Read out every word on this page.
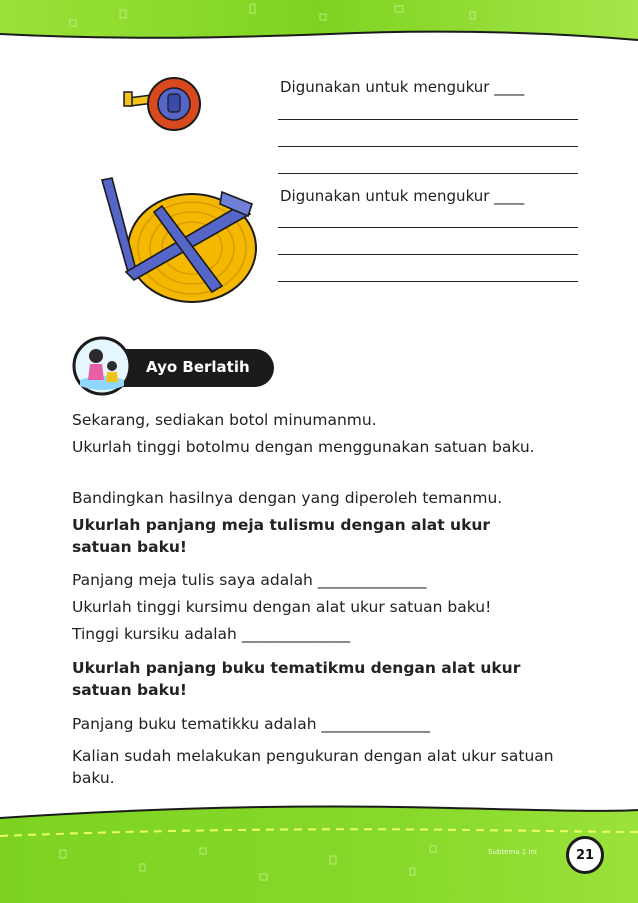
Digunakan untuk mengukur ____
Digunakan untuk mengukur ____
Ayo Berlatih
Sekarang, sediakan botol minumanmu.
Ukurlah tinggi botolmu dengan menggunakan satuan baku.
Bandingkan hasilnya dengan yang diperoleh temanmu.
Ukurlah panjang meja tulismu dengan alat ukur satuan baku!
Panjang meja tulis saya adalah ______________
Ukurlah tinggi kursimu dengan alat ukur satuan baku!
Tinggi kursiku adalah ______________
Ukurlah panjang buku tematikmu dengan alat ukur satuan baku!
Panjang buku tematikku adalah ______________
Kalian sudah melakukan pengukuran dengan alat ukur satuan baku.
Subtema 1 Ini	21
